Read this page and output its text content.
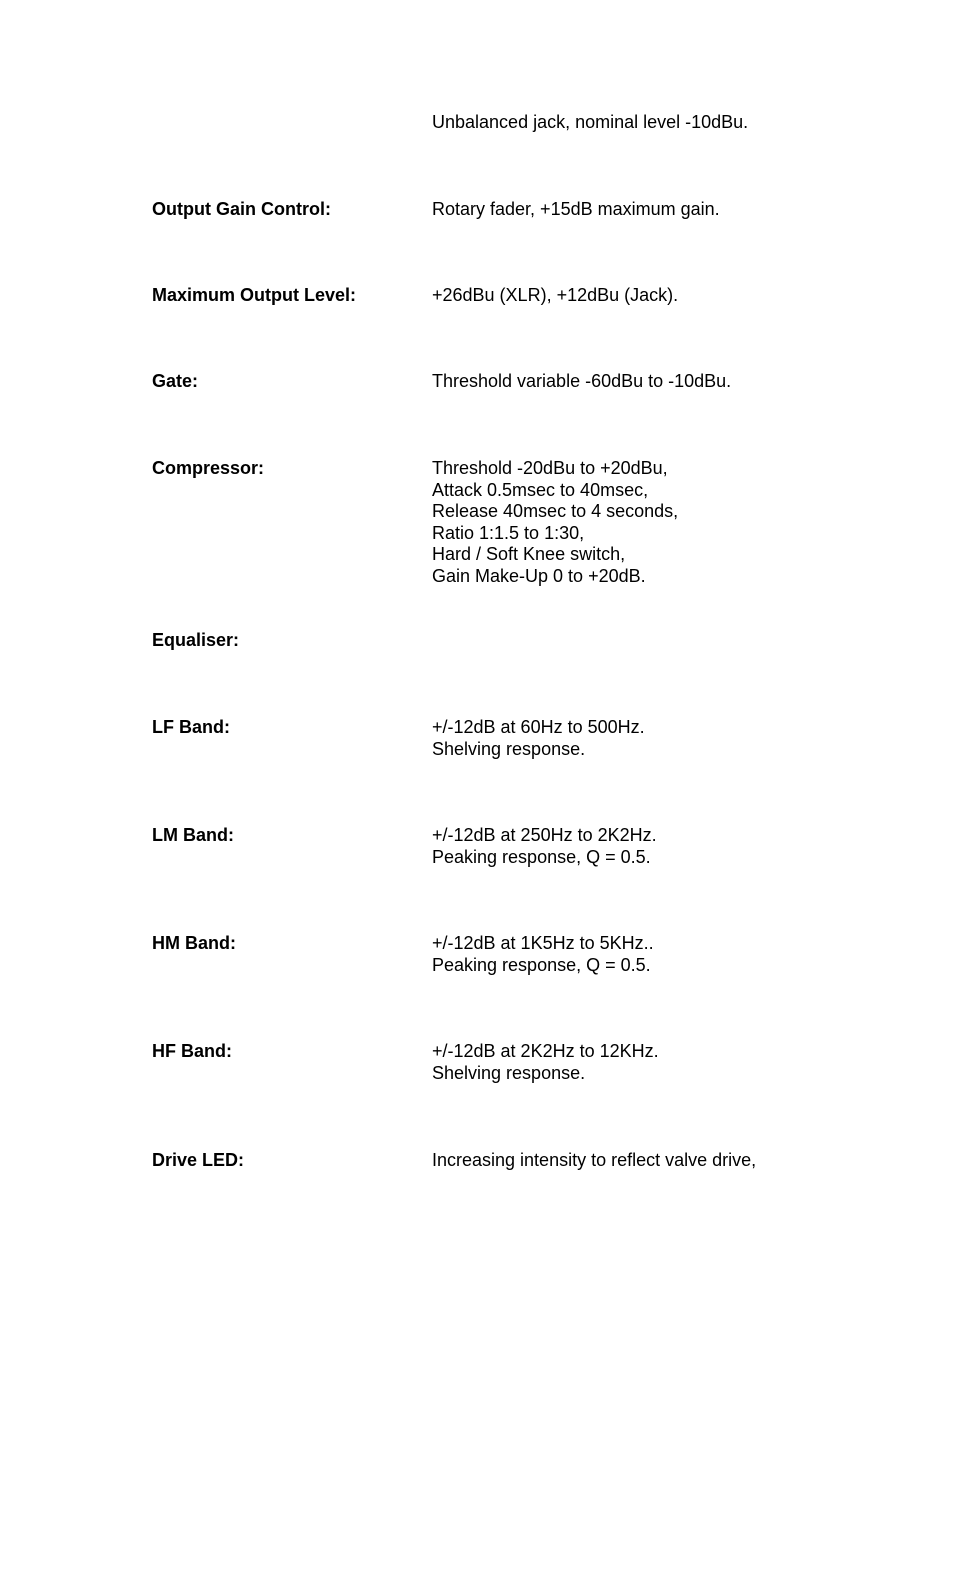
Unbalanced jack, nominal level -10dBu.
Output Gain Control:	Rotary fader, +15dB maximum gain.
Maximum Output Level:	+26dBu (XLR), +12dBu (Jack).
Gate:	Threshold variable -60dBu to -10dBu.
Compressor:	Threshold -20dBu to +20dBu,
Attack 0.5msec to 40msec,
Release 40msec to 4 seconds,
Ratio 1:1.5 to 1:30,
Hard / Soft Knee switch,
Gain Make-Up 0 to +20dB.
Equaliser:
LF Band:	+/-12dB at 60Hz to 500Hz.
Shelving response.
LM Band:	+/-12dB at 250Hz to 2K2Hz.
Peaking response, Q = 0.5.
HM Band:	+/-12dB at 1K5Hz to 5KHz..
Peaking response, Q = 0.5.
HF Band:	+/-12dB at 2K2Hz to 12KHz.
Shelving response.
Drive LED:	Increasing intensity to reflect valve drive,
